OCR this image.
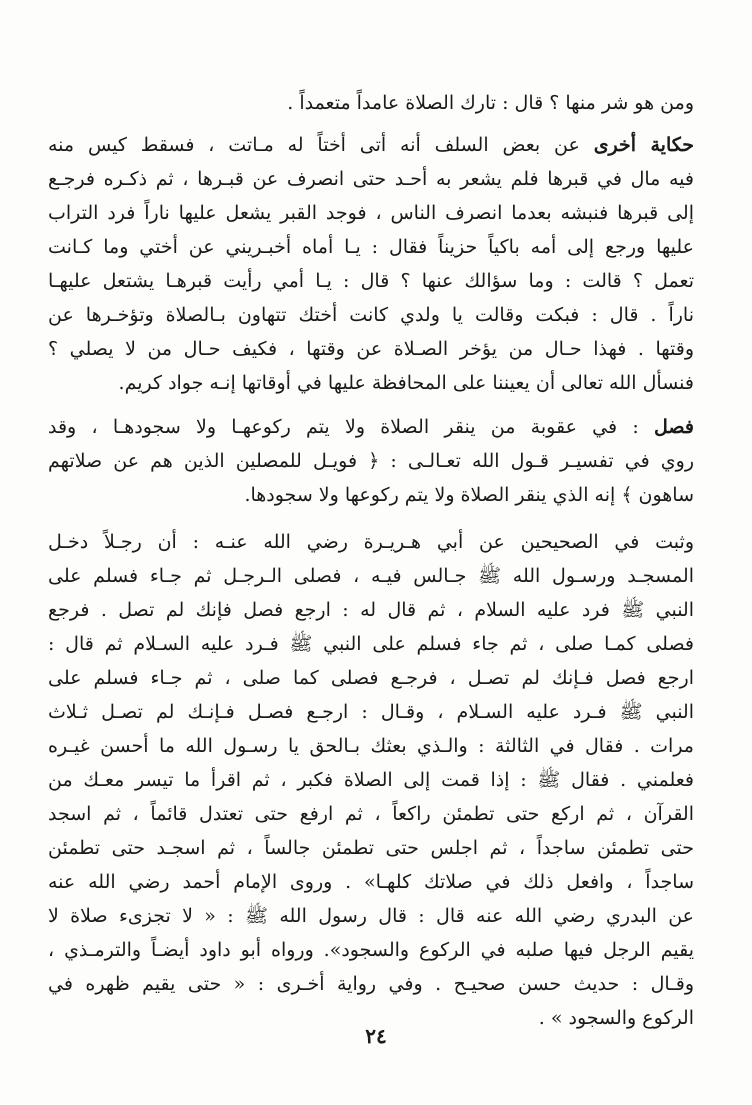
ومن هو شر منها ؟ قال : تارك الصلاة عامداً متعمداً .
حكاية أخرى عن بعض السلف أنه أتى أختاً له مـاتت ، فسقط كيس منه
فيه مال في قبرها فلم يشعر به أحـد حتى انصرف عن قبـرها ، ثم ذكـره فرجـع
إلى قبرها فنبشه بعدما انصرف الناس ، فوجد القبر يشعل عليها ناراً فرد التراب
عليها ورجع إلى أمه باكياً حزيناً فقال : يـا أماه أخبـريني عن أختي وما كـانت
تعمل ؟ قالت : وما سؤالك عنها ؟ قال : يـا أمي رأيت قبرهـا يشتعل عليهـا
ناراً . قال : فبكت وقالت يا ولدي كانت أختك تتهاون بـالصلاة وتؤخـرها عن
وقتها . فهذا حـال من يؤخر الصـلاة عن وقتها ، فكيف حـال من لا يصلي ؟
فنسأل الله تعالى أن يعيننا على المحافظة عليها في أوقاتها إنـه جواد كريم.
فصل : في عقوبة من ينقر الصلاة ولا يتم ركوعهـا ولا سجودهـا ، وقد
روي في تفسيـر قـول الله تعـالـى : ﴿ فويـل للمصلين الذين هم عن صلاتهم
ساهون ﴾ إنه الذي ينقر الصلاة ولا يتم ركوعها ولا سجودها.
وثبت في الصحيحين عن أبي هـريـرة رضي الله عنـه : أن رجـلاً دخـل
المسجـد ورسـول الله ﷺ جـالس فيـه ، فصلى الـرجـل ثم جـاء فسلم على
النبي ﷺ فرد عليه السلام ، ثم قال له : ارجع فصل فإنك لم تصل . فرجع
فصلى كمـا صلى ، ثم جاء فسلم على النبي ﷺ فـرد عليه السـلام ثم قال :
ارجع فصل فـإنك لم تصـل ، فرجـع فصلى كما صلى ، ثم جـاء فسلم على
النبي ﷺ فـرد عليه السـلام ، وقـال : ارجـع فصـل فـإنـك لم تصـل ثـلاث
مرات . فقال في الثالثة : والـذي بعثك بـالحق يا رسـول الله ما أحسن غيـره
فعلمني . فقال ﷺ : إذا قمت إلى الصلاة فكبر ، ثم اقرأ ما تيسر معـك من
القرآن ، ثم اركع حتى تطمئن راكعاً ، ثم ارفع حتى تعتدل قائماً ، ثم اسجد
حتى تطمئن ساجداً ، ثم اجلس حتى تطمئن جالساً ، ثم اسجـد حتى تطمئن
ساجداً ، وافعل ذلك في صلاتك كلهـا» . وروى الإمام أحمد رضي الله عنه
عن البدري رضي الله عنه قال : قال رسول الله ﷺ : « لا تجزىء صلاة لا
يقيم الرجل فيها صلبه في الركوع والسجود». ورواه أبو داود أيضـاً والترمـذي ،
وقـال : حديث حسن صحيـح . وفي رواية أخـرى : « حتى يقيم ظهره في
الركوع والسجود » .
٢٤
